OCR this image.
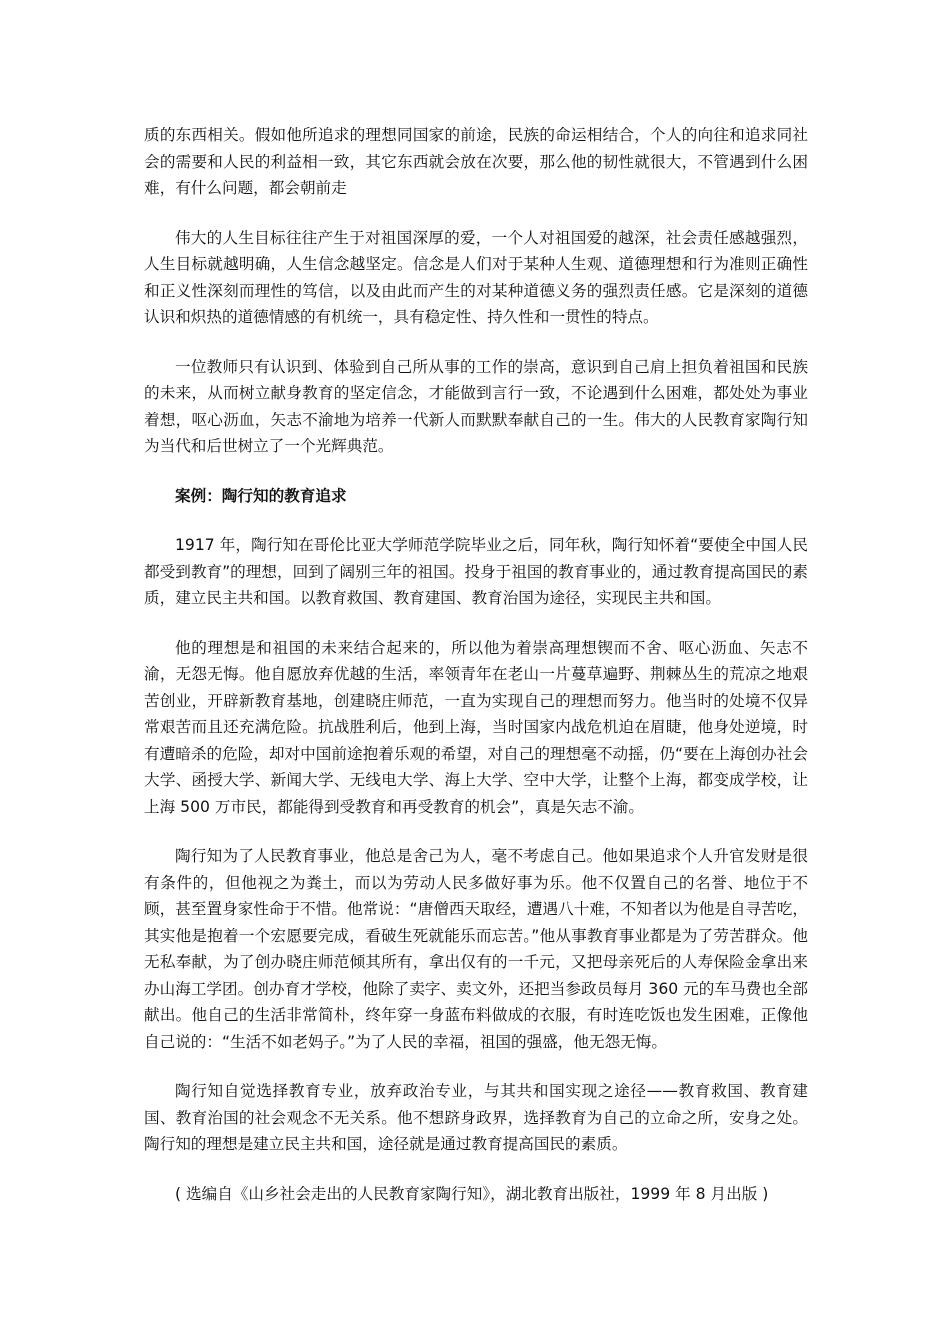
质的东西相关。假如他所追求的理想同国家的前途，民族的命运相结合，个人的向往和追求同社会的需要和人民的利益相一致，其它东西就会放在次要，那么他的韧性就很大，不管遇到什么困难，有什么问题，都会朝前走

伟大的人生目标往往产生于对祖国深厚的爱，一个人对祖国爱的越深，社会责任感越强烈，人生目标就越明确，人生信念越坚定。信念是人们对于某种人生观、道德理想和行为准则正确性和正义性深刻而理性的笃信，以及由此而产生的对某种道德义务的强烈责任感。它是深刻的道德认识和炽热的道德情感的有机统一，具有稳定性、持久性和一贯性的特点。

一位教师只有认识到、体验到自己所从事的工作的崇高，意识到自己肩上担负着祖国和民族的未来，从而树立献身教育的坚定信念，才能做到言行一致，不论遇到什么困难，都处处为事业着想，呕心沥血，矢志不渝地为培养一代新人而默默奉献自己的一生。伟大的人民教育家陶行知为当代和后世树立了一个光辉典范。

案例：陶行知的教育追求

1917 年，陶行知在哥伦比亚大学师范学院毕业之后，同年秋，陶行知怀着“要使全中国人民都受到教育”的理想，回到了阔别三年的祖国。投身于祖国的教育事业的，通过教育提高国民的素质，建立民主共和国。以教育救国、教育建国、教育治国为途径，实现民主共和国。

他的理想是和祖国的未来结合起来的，所以他为着崇高理想锲而不舍、呕心沥血、矢志不渝，无怨无悔。他自愿放弃优越的生活，率领青年在老山一片蔓草遍野、荆棘丛生的荒凉之地艰苦创业，开辟新教育基地，创建晓庄师范，一直为实现自己的理想而努力。他当时的处境不仅异常艰苦而且还充满危险。抗战胜利后，他到上海，当时国家内战危机迫在眉睫，他身处逆境，时有遭暗杀的危险，却对中国前途抱着乐观的希望，对自己的理想毫不动摇，仍“要在上海创办社会大学、函授大学、新闻大学、无线电大学、海上大学、空中大学，让整个上海，都变成学校，让上海 500 万市民，都能得到受教育和再受教育的机会”，真是矢志不渝。

陶行知为了人民教育事业，他总是舍己为人，毫不考虑自己。他如果追求个人升官发财是很有条件的，但他视之为粪土，而以为劳动人民多做好事为乐。他不仅置自己的名誉、地位于不顾，甚至置身家性命于不惜。他常说：“唐僧西天取经，遭遇八十难，不知者以为他是自寻苦吃，其实他是抱着一个宏愿要完成，看破生死就能乐而忘苦。”他从事教育事业都是为了劳苦群众。他无私奉献，为了创办晓庄师范倾其所有，拿出仅有的一千元，又把母亲死后的人寿保险金拿出来办山海工学团。创办育才学校，他除了卖字、卖文外，还把当参政员每月 360 元的车马费也全部献出。他自己的生活非常简朴，终年穿一身蓝布料做成的衣服，有时连吃饭也发生困难，正像他自己说的：“生活不如老妈子。”为了人民的幸福，祖国的强盛，他无怨无悔。

陶行知自觉选择教育专业，放弃政治专业，与其共和国实现之途径——教育救国、教育建国、教育治国的社会观念不无关系。他不想跻身政界，选择教育为自己的立命之所，安身之处。陶行知的理想是建立民主共和国，途径就是通过教育提高国民的素质。

( 选编自《山乡社会走出的人民教育家陶行知》，湖北教育出版社，1999 年 8 月出版 )
